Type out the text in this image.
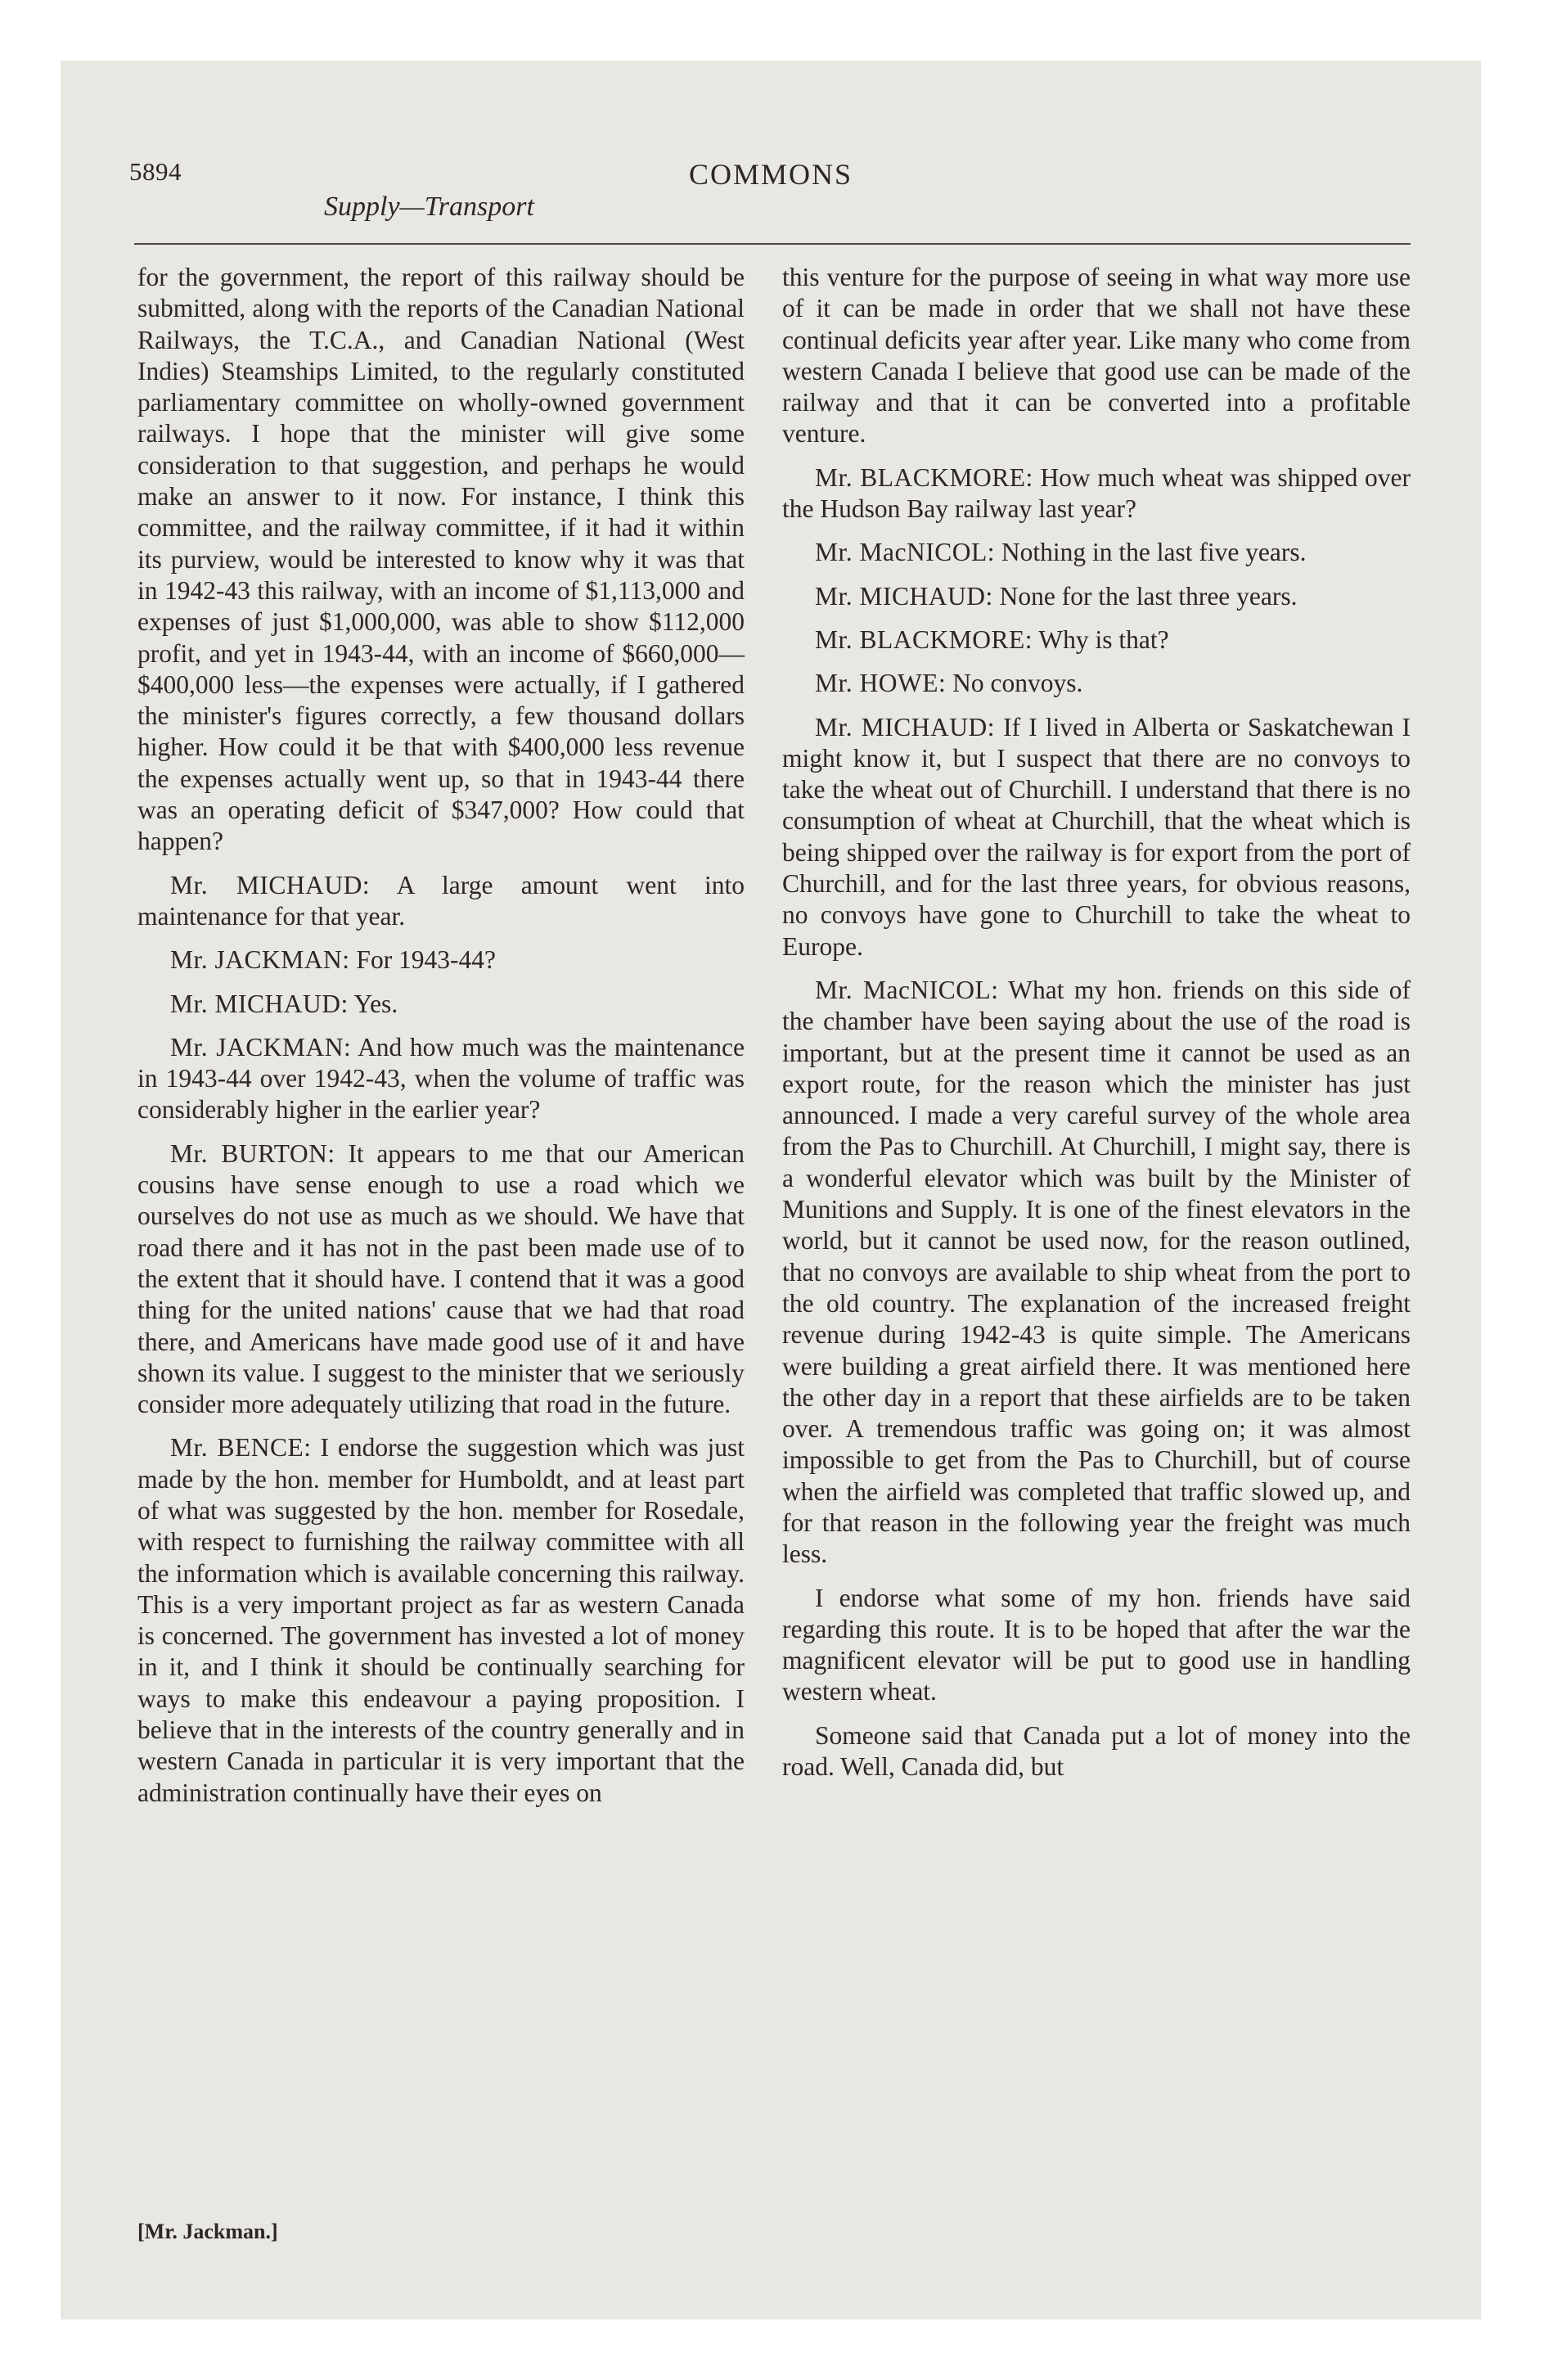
5894
Supply—Transport
COMMONS

for the government, the report of this railway should be submitted, along with the reports of the Canadian National Railways, the T.C.A., and Canadian National (West Indies) Steamships Limited, to the regularly constituted parliamentary committee on wholly-owned government railways. I hope that the minister will give some consideration to that suggestion, and perhaps he would make an answer to it now. For instance, I think this committee, and the railway committee, if it had it within its purview, would be interested to know why it was that in 1942-43 this railway, with an income of $1,113,000 and expenses of just $1,000,000, was able to show $112,000 profit, and yet in 1943-44, with an income of $660,000—$400,000 less—the expenses were actually, if I gathered the minister's figures correctly, a few thousand dollars higher. How could it be that with $400,000 less revenue the expenses actually went up, so that in 1943-44 there was an operating deficit of $347,000? How could that happen?

Mr. MICHAUD: A large amount went into maintenance for that year.

Mr. JACKMAN: For 1943-44?

Mr. MICHAUD: Yes.

Mr. JACKMAN: And how much was the maintenance in 1943-44 over 1942-43, when the volume of traffic was considerably higher in the earlier year?

Mr. BURTON: It appears to me that our American cousins have sense enough to use a road which we ourselves do not use as much as we should. We have that road there and it has not in the past been made use of to the extent that it should have. I contend that it was a good thing for the united nations' cause that we had that road there, and Americans have made good use of it and have shown its value. I suggest to the minister that we seriously consider more adequately utilizing that road in the future.

Mr. BENCE: I endorse the suggestion which was just made by the hon. member for Humboldt, and at least part of what was suggested by the hon. member for Rosedale, with respect to furnishing the railway committee with all the information which is available concerning this railway. This is a very important project as far as western Canada is concerned. The government has invested a lot of money in it, and I think it should be continually searching for ways to make this endeavour a paying proposition. I believe that in the interests of the country generally and in western Canada in particular it is very important that the administration continually have their eyes on

this venture for the purpose of seeing in what way more use of it can be made in order that we shall not have these continual deficits year after year. Like many who come from western Canada I believe that good use can be made of the railway and that it can be converted into a profitable venture.

Mr. BLACKMORE: How much wheat was shipped over the Hudson Bay railway last year?

Mr. MacNICOL: Nothing in the last five years.

Mr. MICHAUD: None for the last three years.

Mr. BLACKMORE: Why is that?

Mr. HOWE: No convoys.

Mr. MICHAUD: If I lived in Alberta or Saskatchewan I might know it, but I suspect that there are no convoys to take the wheat out of Churchill. I understand that there is no consumption of wheat at Churchill, that the wheat which is being shipped over the railway is for export from the port of Churchill, and for the last three years, for obvious reasons, no convoys have gone to Churchill to take the wheat to Europe.

Mr. MacNICOL: What my hon. friends on this side of the chamber have been saying about the use of the road is important, but at the present time it cannot be used as an export route, for the reason which the minister has just announced. I made a very careful survey of the whole area from the Pas to Churchill. At Churchill, I might say, there is a wonderful elevator which was built by the Minister of Munitions and Supply. It is one of the finest elevators in the world, but it cannot be used now, for the reason outlined, that no convoys are available to ship wheat from the port to the old country. The explanation of the increased freight revenue during 1942-43 is quite simple. The Americans were building a great airfield there. It was mentioned here the other day in a report that these airfields are to be taken over. A tremendous traffic was going on; it was almost impossible to get from the Pas to Churchill, but of course when the airfield was completed that traffic slowed up, and for that reason in the following year the freight was much less.

I endorse what some of my hon. friends have said regarding this route. It is to be hoped that after the war the magnificent elevator will be put to good use in handling western wheat.

Someone said that Canada put a lot of money into the road. Well, Canada did, but

[Mr. Jackman.]
